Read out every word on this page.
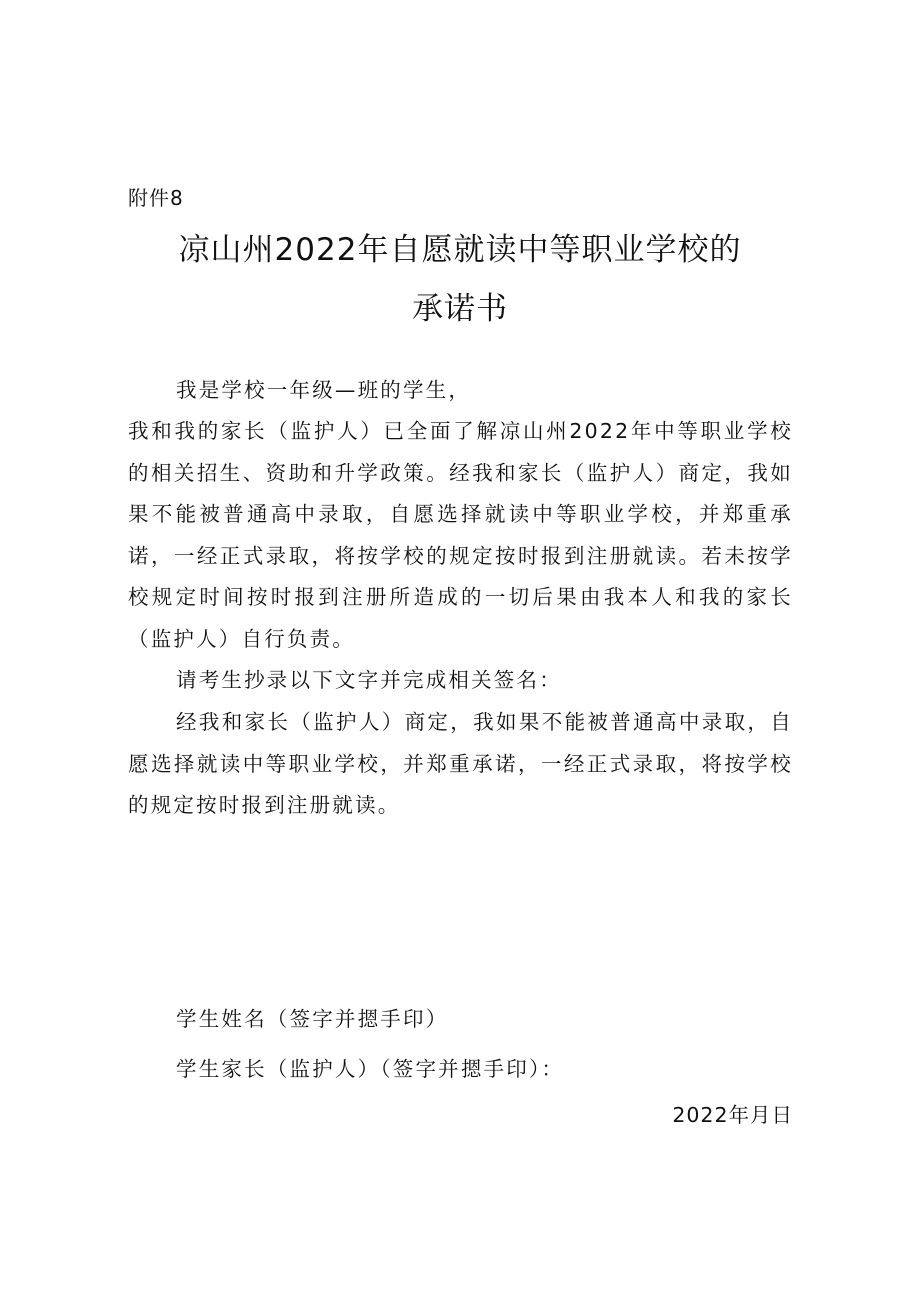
附件8
凉山州2022年自愿就读中等职业学校的
承诺书
我是学校一年级—班的学生，
我和我的家长（监护人）已全面了解凉山州2022年中等职业学校的相关招生、资助和升学政策。经我和家长（监护人）商定，我如果不能被普通高中录取，自愿选择就读中等职业学校，并郑重承诺，一经正式录取，将按学校的规定按时报到注册就读。若未按学校规定时间按时报到注册所造成的一切后果由我本人和我的家长（监护人）自行负责。
请考生抄录以下文字并完成相关签名：
经我和家长（监护人）商定，我如果不能被普通高中录取，自愿选择就读中等职业学校，并郑重承诺，一经正式录取，将按学校的规定按时报到注册就读。
学生姓名（签字并摁手印）
学生家长（监护人）（签字并摁手印）：
2022年月日
